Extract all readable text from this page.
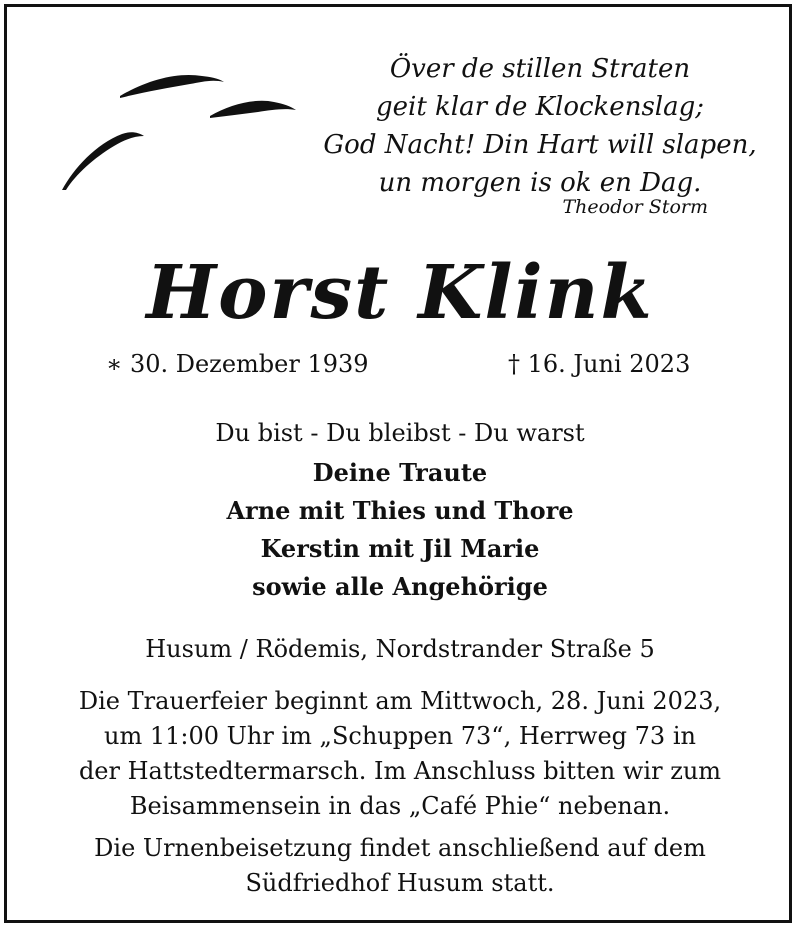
Över de stillen Straten
geit klar de Klockenslag;
God Nacht! Din Hart will slapen,
un morgen is ok en Dag.
Theodor Storm
Horst Klink
∗ 30. Dezember 1939	† 16. Juni 2023
Du bist - Du bleibst - Du warst
Deine Traute
Arne mit Thies und Thore
Kerstin mit Jil Marie
sowie alle Angehörige
Husum / Rödemis, Nordstrander Straße 5
Die Trauerfeier beginnt am Mittwoch, 28. Juni 2023,
um 11:00 Uhr im „Schuppen 73“, Herrweg 73 in
der Hattstedtermarsch. Im Anschluss bitten wir zum
Beisammensein in das „Café Phie“ nebenan.
Die Urnenbeisetzung findet anschließend auf dem
Südfriedhof Husum statt.
